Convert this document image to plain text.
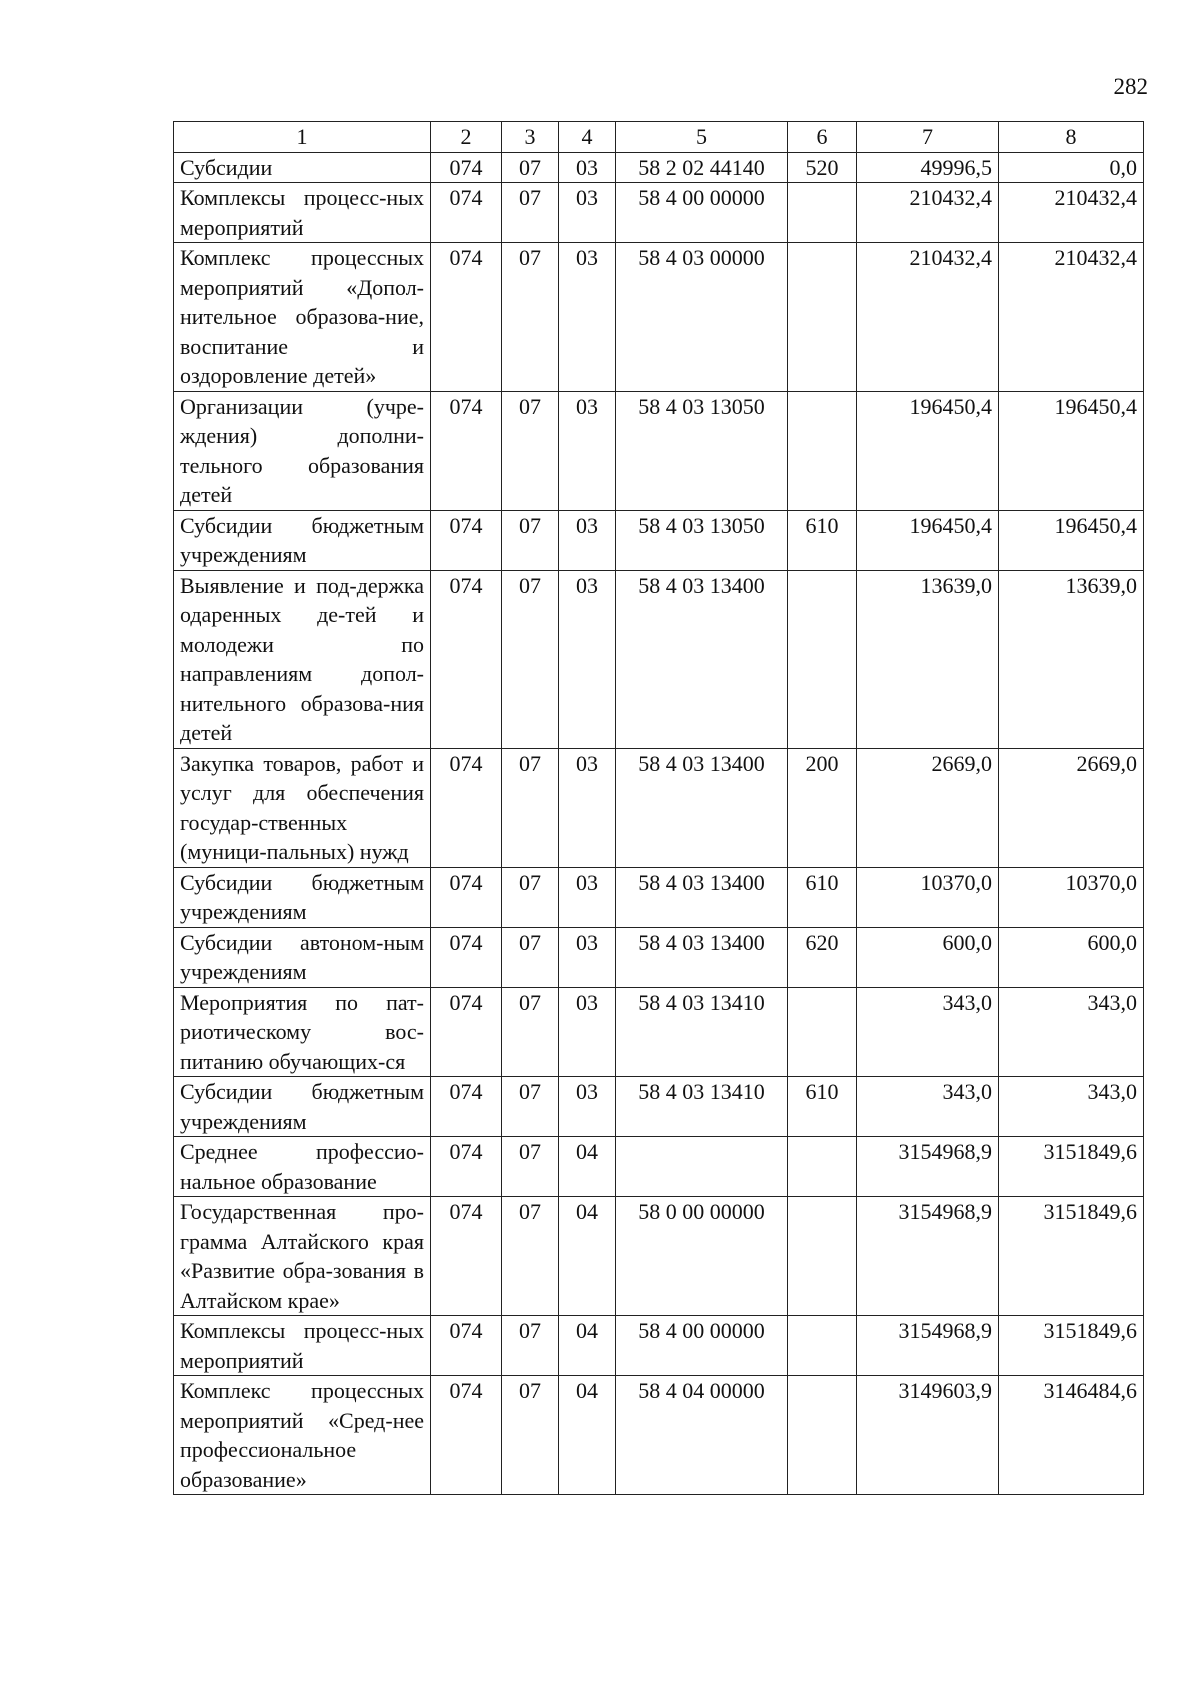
282
1	2	3	4	5	6	7	8
Субсидии	074	07	03	58 2 02 44140	520	49996,5	0,0
Комплексы процесс-ных мероприятий	074	07	03	58 4 00 00000		210432,4	210432,4
Комплекс процессных мероприятий «Допол-нительное образова-ние, воспитание и оздоровление детей»	074	07	03	58 4 03 00000		210432,4	210432,4
Организации (учре-ждения) дополни-тельного образования детей	074	07	03	58 4 03 13050		196450,4	196450,4
Субсидии бюджетным учреждениям	074	07	03	58 4 03 13050	610	196450,4	196450,4
Выявление и под-держка одаренных де-тей и молодежи по направлениям допол-нительного образова-ния детей	074	07	03	58 4 03 13400		13639,0	13639,0
Закупка товаров, работ и услуг для обеспечения государ-ственных (муници-пальных) нужд	074	07	03	58 4 03 13400	200	2669,0	2669,0
Субсидии бюджетным учреждениям	074	07	03	58 4 03 13400	610	10370,0	10370,0
Субсидии автоном-ным учреждениям	074	07	03	58 4 03 13400	620	600,0	600,0
Мероприятия по пат-риотическому вос-питанию обучающих-ся	074	07	03	58 4 03 13410		343,0	343,0
Субсидии бюджетным учреждениям	074	07	03	58 4 03 13410	610	343,0	343,0
Среднее профессио-нальное образование	074	07	04			3154968,9	3151849,6
Государственная про-грамма Алтайского края «Развитие обра-зования в Алтайском крае»	074	07	04	58 0 00 00000		3154968,9	3151849,6
Комплексы процесс-ных мероприятий	074	07	04	58 4 00 00000		3154968,9	3151849,6
Комплекс процессных мероприятий «Сред-нее профессиональное образование»	074	07	04	58 4 04 00000		3149603,9	3146484,6
